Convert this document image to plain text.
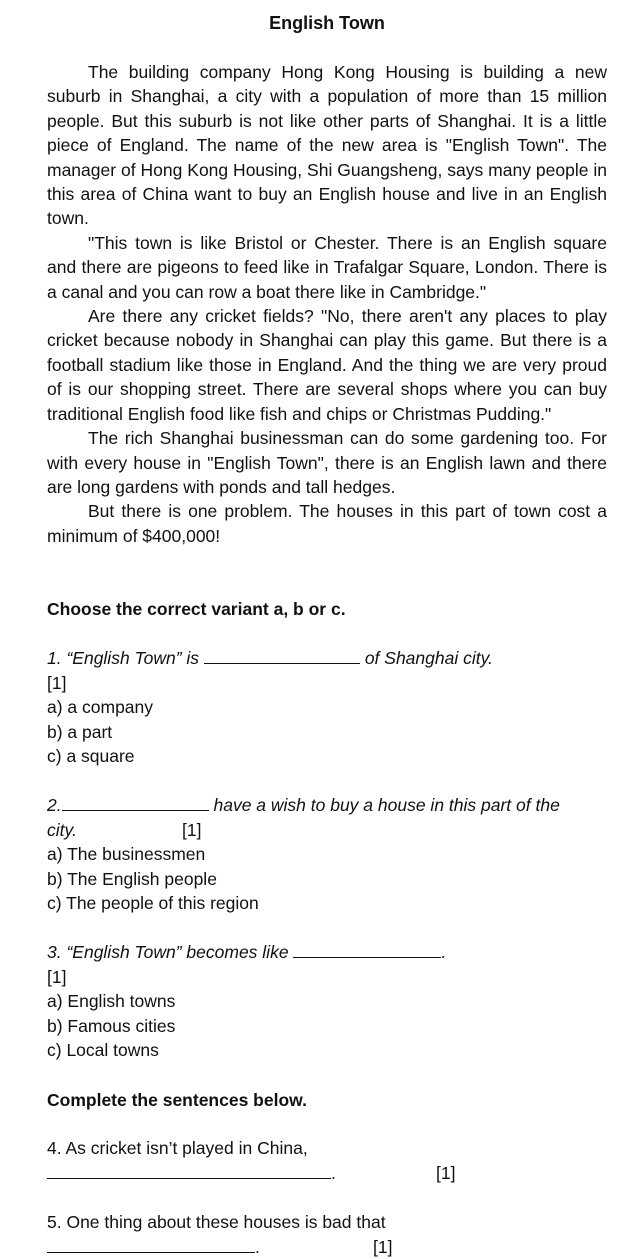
English Town

The building company Hong Kong Housing is building a new suburb in Shanghai, a city with a population of more than 15 million people. But this suburb is not like other parts of Shanghai. It is a little piece of England. The name of the new area is "English Town". The manager of Hong Kong Housing, Shi Guangsheng, says many people in this area of China want to buy an English house and live in an English town.

"This town is like Bristol or Chester. There is an English square and there are pigeons to feed like in Trafalgar Square, London. There is a canal and you can row a boat there like in Cambridge."

Are there any cricket fields? "No, there aren't any places to play cricket because nobody in Shanghai can play this game. But there is a football stadium like those in England. And the thing we are very proud of is our shopping street. There are several shops where you can buy traditional English food like fish and chips or Christmas Pudding."

The rich Shanghai businessman can do some gardening too. For with every house in "English Town", there is an English lawn and there are long gardens with ponds and tall hedges.

But there is one problem. The houses in this part of town cost a minimum of $400,000!

Choose the correct variant a, b or c.
1. “English Town” is	of Shanghai city.
[1]
a) a company
b) a part
c) a square
2.	have a wish to buy a house in this part of the
city.	[1]
a) The businessmen
b) The English people
c) The people of this region
3. “English Town” becomes like	.
[1]
a) English towns
b) Famous cities
c) Local towns
Complete the sentences below.
4. As cricket isn’t played in China,
.	[1]
5. One thing about these houses is bad that
.	[1]
